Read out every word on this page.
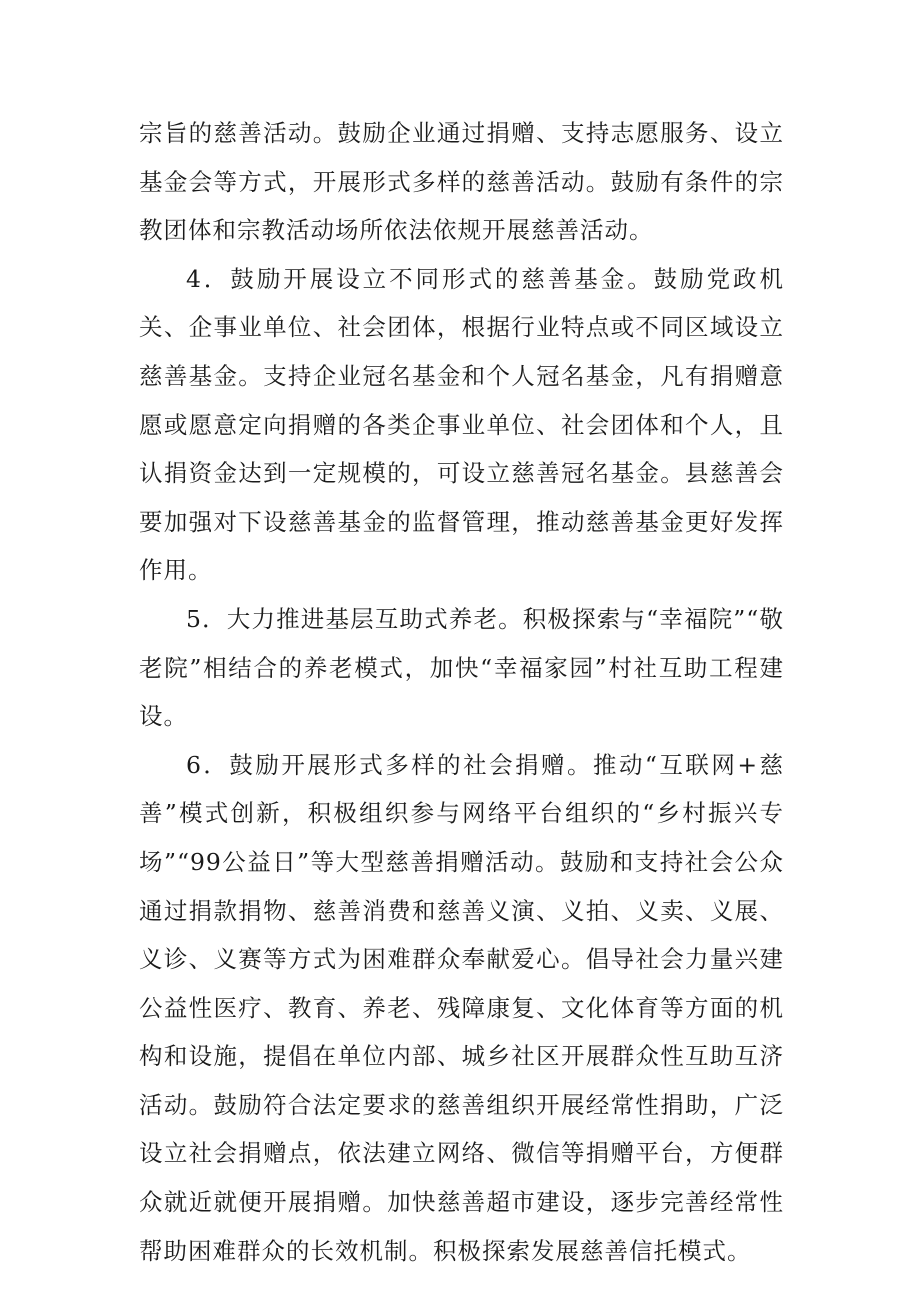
宗旨的慈善活动。鼓励企业通过捐赠、支持志愿服务、设立基金会等方式，开展形式多样的慈善活动。鼓励有条件的宗教团体和宗教活动场所依法依规开展慈善活动。

4．鼓励开展设立不同形式的慈善基金。鼓励党政机关、企事业单位、社会团体，根据行业特点或不同区域设立慈善基金。支持企业冠名基金和个人冠名基金，凡有捐赠意愿或愿意定向捐赠的各类企事业单位、社会团体和个人，且认捐资金达到一定规模的，可设立慈善冠名基金。县慈善会要加强对下设慈善基金的监督管理，推动慈善基金更好发挥作用。

5．大力推进基层互助式养老。积极探索与“幸福院”“敬老院”相结合的养老模式，加快“幸福家园”村社互助工程建设。

6．鼓励开展形式多样的社会捐赠。推动“互联网+慈善”模式创新，积极组织参与网络平台组织的“乡村振兴专场”“99公益日”等大型慈善捐赠活动。鼓励和支持社会公众通过捐款捐物、慈善消费和慈善义演、义拍、义卖、义展、义诊、义赛等方式为困难群众奉献爱心。倡导社会力量兴建公益性医疗、教育、养老、残障康复、文化体育等方面的机构和设施，提倡在单位内部、城乡社区开展群众性互助互济活动。鼓励符合法定要求的慈善组织开展经常性捐助，广泛设立社会捐赠点，依法建立网络、微信等捐赠平台，方便群众就近就便开展捐赠。加快慈善超市建设，逐步完善经常性帮助困难群众的长效机制。积极探索发展慈善信托模式。
